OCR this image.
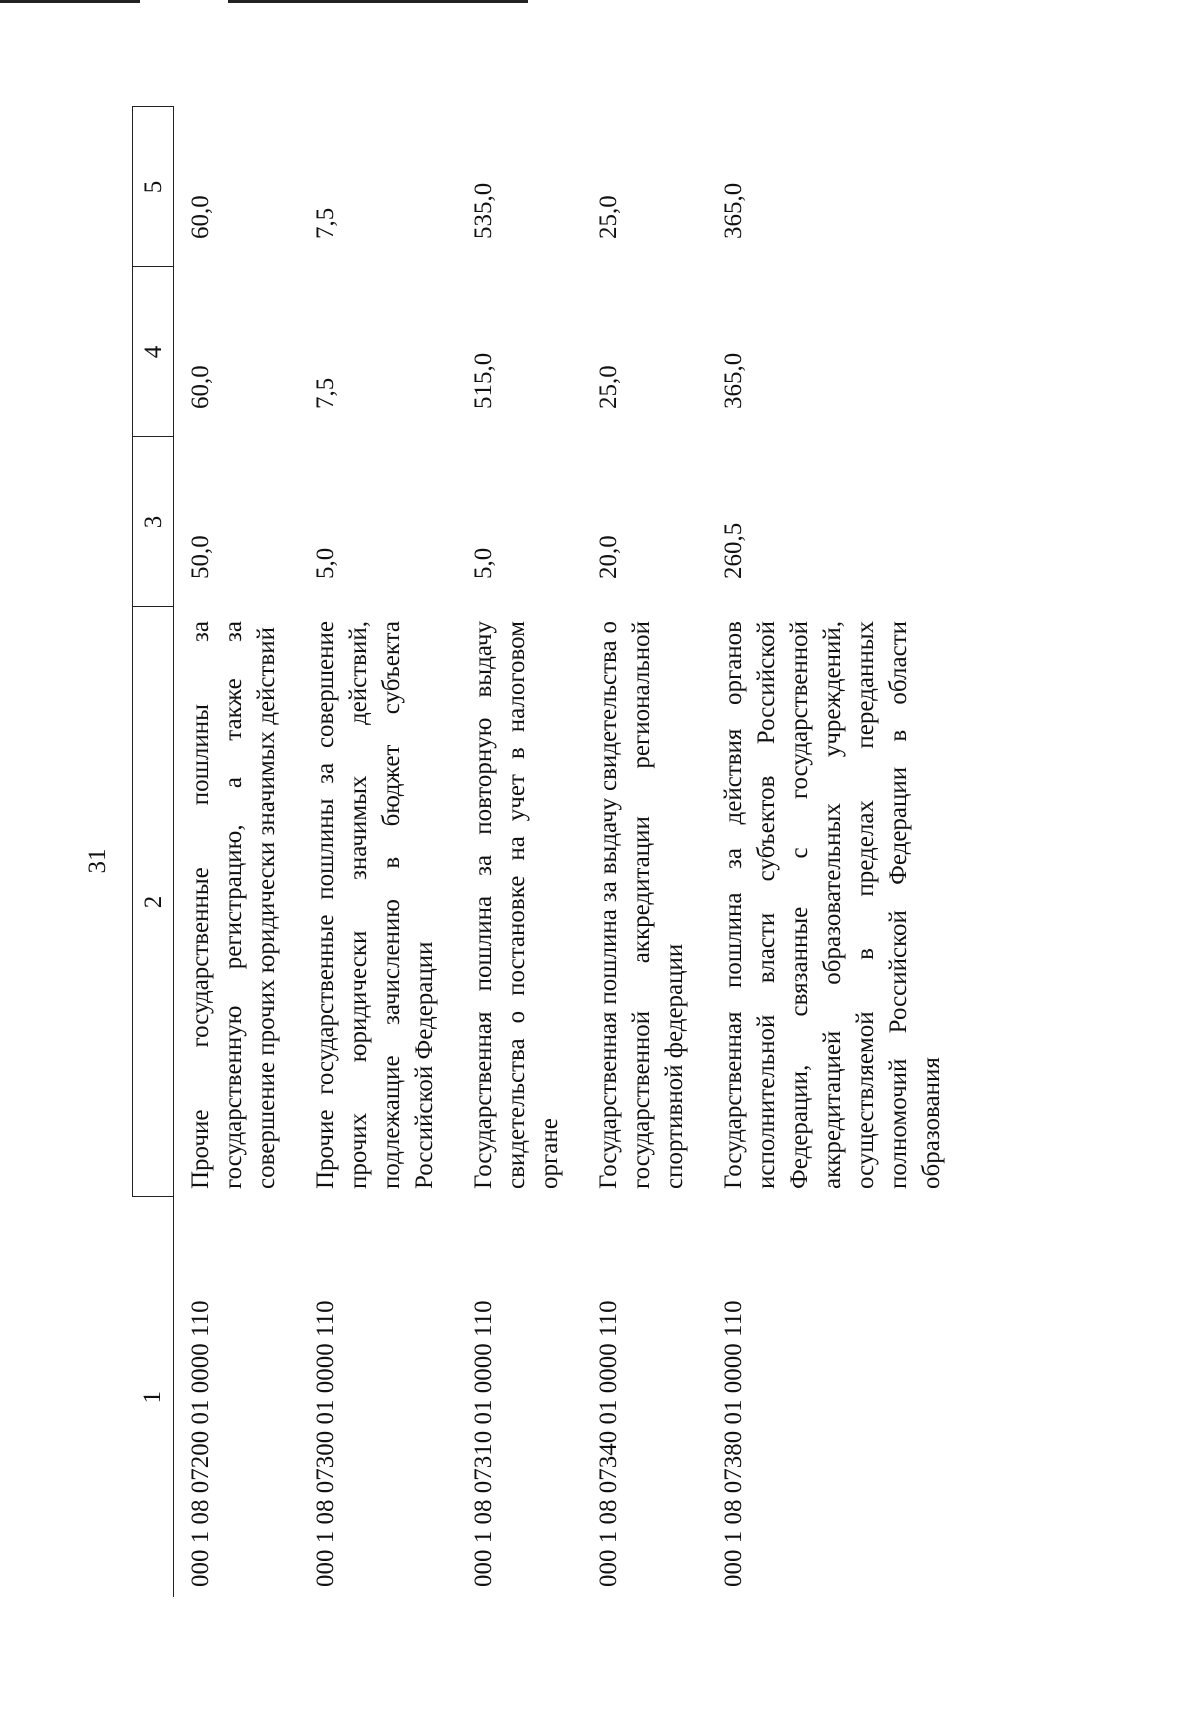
31
1	2	3	4	5
000 1 08 07200 01 0000 110	Прочие государственные пошлины за государственную регистрацию, а также за совершение прочих юридически значимых действий	50,0	60,0	60,0
000 1 08 07300 01 0000 110	Прочие государственные пошлины за совершение прочих юридически значимых действий, подлежащие зачислению в бюджет субъекта Российской Федерации	5,0	7,5	7,5
000 1 08 07310 01 0000 110	Государственная пошлина за повторную выдачу свидетельства о постановке на учет в налоговом органе	5,0	515,0	535,0
000 1 08 07340 01 0000 110	Государственная пошлина за выдачу свидетельства о государственной аккредитации региональной спортивной федерации	20,0	25,0	25,0
000 1 08 07380 01 0000 110	Государственная пошлина за действия органов исполнительной власти субъектов Российской Федерации, связанные с государственной аккредитацией образовательных учреждений, осуществляемой в пределах переданных полномочий Российской Федерации в области образования	260,5	365,0	365,0
